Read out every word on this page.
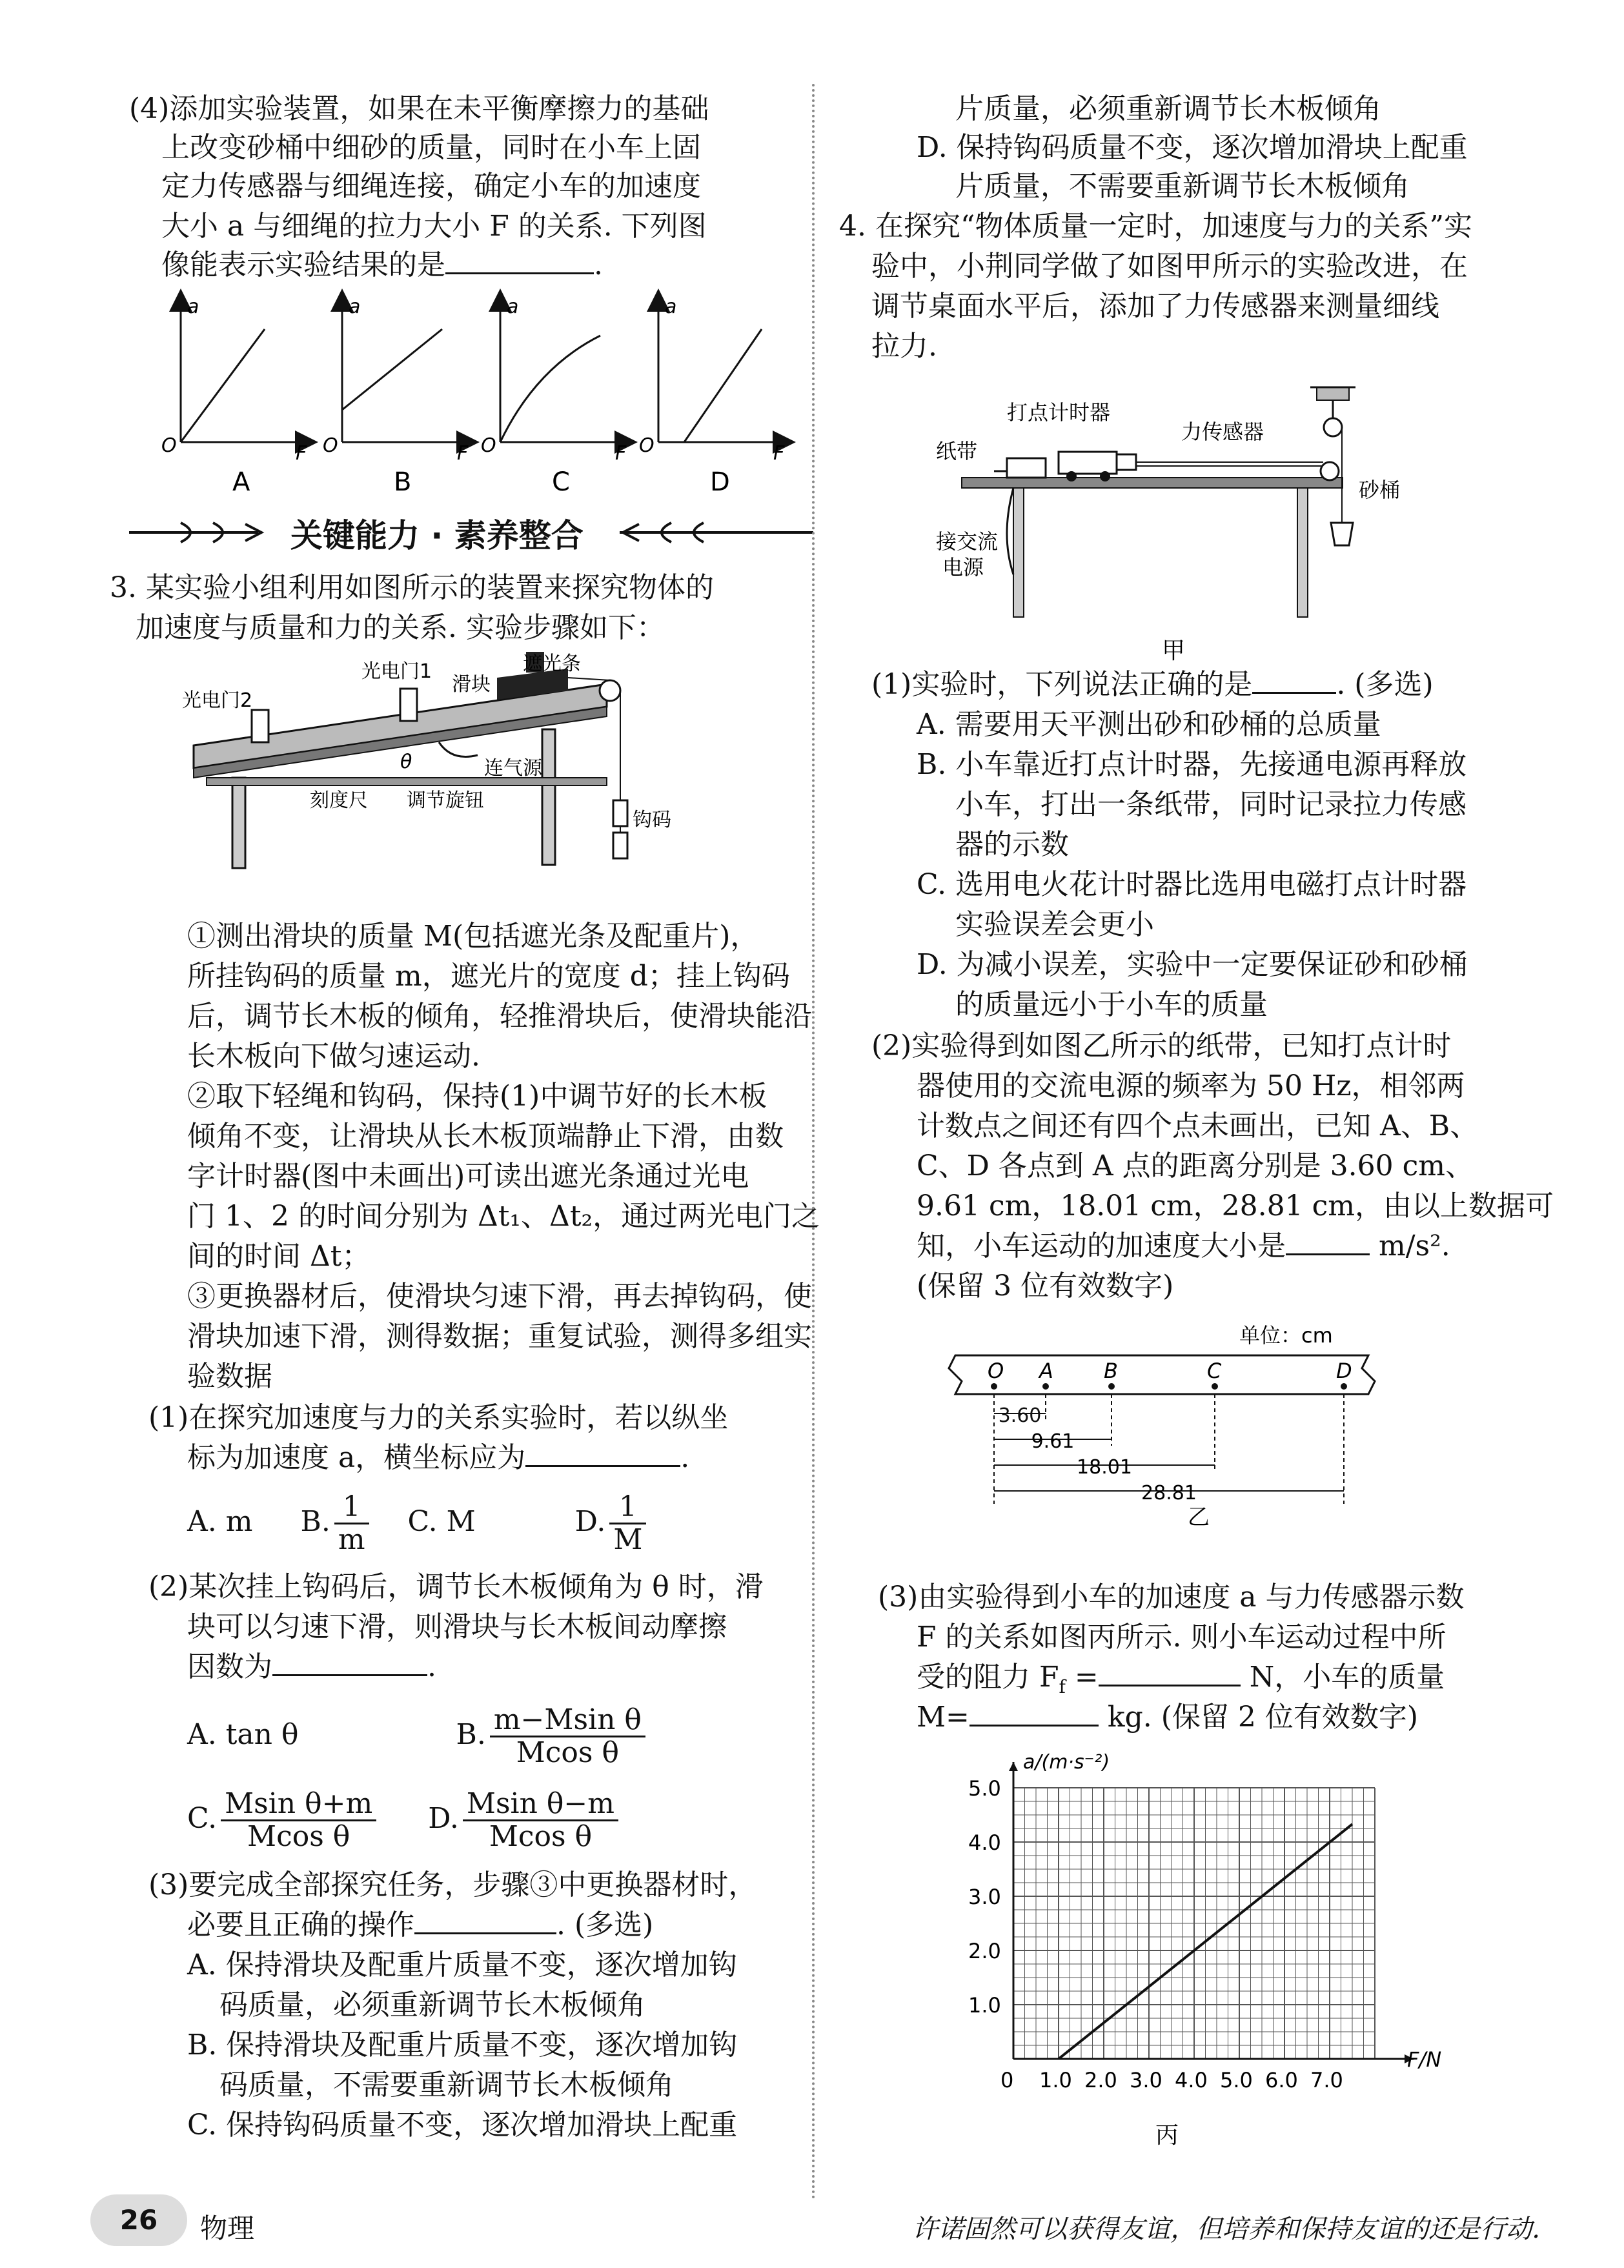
(4)添加实验装置，如果在未平衡摩擦力的基础
上改变砂桶中细砂的质量，同时在小车上固
定力传感器与细绳连接，确定小车的加速度
大小 a 与细绳的拉力大小 F 的关系. 下列图
像能表示实验结果的是	.
a
O	F
A
a
O	F
B
a
O	F
C
a
O	F
D
关键能力 · 素养整合
3. 某实验小组利用如图所示的装置来探究物体的
加速度与质量和力的关系. 实验步骤如下：
光电门2
光电门1	遮光条
滑块
连气源
刻度尺 调节旋钮
钩码
θ
①测出滑块的质量 M(包括遮光条及配重片)，
所挂钩码的质量 m，遮光片的宽度 d；挂上钩码
后，调节长木板的倾角，轻推滑块后，使滑块能沿
长木板向下做匀速运动.
②取下轻绳和钩码，保持(1)中调节好的长木板
倾角不变，让滑块从长木板顶端静止下滑，由数
字计时器(图中未画出)可读出遮光条通过光电
门 1、2 的时间分别为 Δt₁、Δt₂，通过两光电门之
间的时间 Δt；
③更换器材后，使滑块匀速下滑，再去掉钩码，使
滑块加速下滑，测得数据；重复试验，测得多组实
验数据
(1)在探究加速度与力的关系实验时，若以纵坐
标为加速度 a，横坐标应为	.
A. m B. $\frac{1}{m} C$. M	D. $\frac{1}{M}$
(2)某次挂上钩码后，调节长木板倾角为 θ 时，滑
块可以匀速下滑，则滑块与长木板间动摩擦
因数为	.
A. tan θ	B. $\frac{\text{m−Msin θ}}{\text{Mcos θ}}$
C. $\frac{\text{Msin θ+m}}{\text{Mcos θ}} D$. $\frac{\text{Msin θ−m}}{\text{Mcos θ}}$
(3)要完成全部探究任务，步骤③中更换器材时，
必要且正确的操作	. (多选)
A. 保持滑块及配重片质量不变，逐次增加钩
码质量，必须重新调节长木板倾角
B. 保持滑块及配重片质量不变，逐次增加钩
码质量，不需要重新调节长木板倾角
C. 保持钩码质量不变，逐次增加滑块上配重
片质量，必须重新调节长木板倾角
D. 保持钩码质量不变，逐次增加滑块上配重
片质量，不需要重新调节长木板倾角
4. 在探究“物体质量一定时，加速度与力的关系”实
验中，小荆同学做了如图甲所示的实验改进，在
调节桌面水平后，添加了力传感器来测量细线
拉力.
打点计时器
力传感器
纸带
砂桶
接交流
电源
甲
(1)实验时，下列说法正确的是	. (多选)
A. 需要用天平测出砂和砂桶的总质量
B. 小车靠近打点计时器，先接通电源再释放
小车，打出一条纸带，同时记录拉力传感
器的示数
C. 选用电火花计时器比选用电磁打点计时器
实验误差会更小
D. 为减小误差，实验中一定要保证砂和砂桶
的质量远小于小车的质量
(2)实验得到如图乙所示的纸带，已知打点计时
器使用的交流电源的频率为 50 Hz，相邻两
计数点之间还有四个点未画出，已知 A、B、
C、D 各点到 A 点的距离分别是 3.60 cm、
9.61 cm，18.01 cm，28.81 cm，由以上数据可
知，小车运动的加速度大小是	m/s².
(保留 3 位有效数字)
单位：cm
O A B	C	D
3.60
9.61
18.01
28.81
乙
(3)由实验得到小车的加速度 a 与力传感器示数
F 的关系如图丙所示. 则小车运动过程中所
受的阻力 $F_f$ =	N，小车的质量
M=	kg. (保留 2 位有效数字)
0 1.0 2.0 3.0 4.0 5.0 6.0 7.0
1.0
2.0
3.0
4.0
5.0
a/(m·s⁻²)
F/N
丙
26	物理	许诺固然可以获得友谊，但培养和保持友谊的还是行动.
